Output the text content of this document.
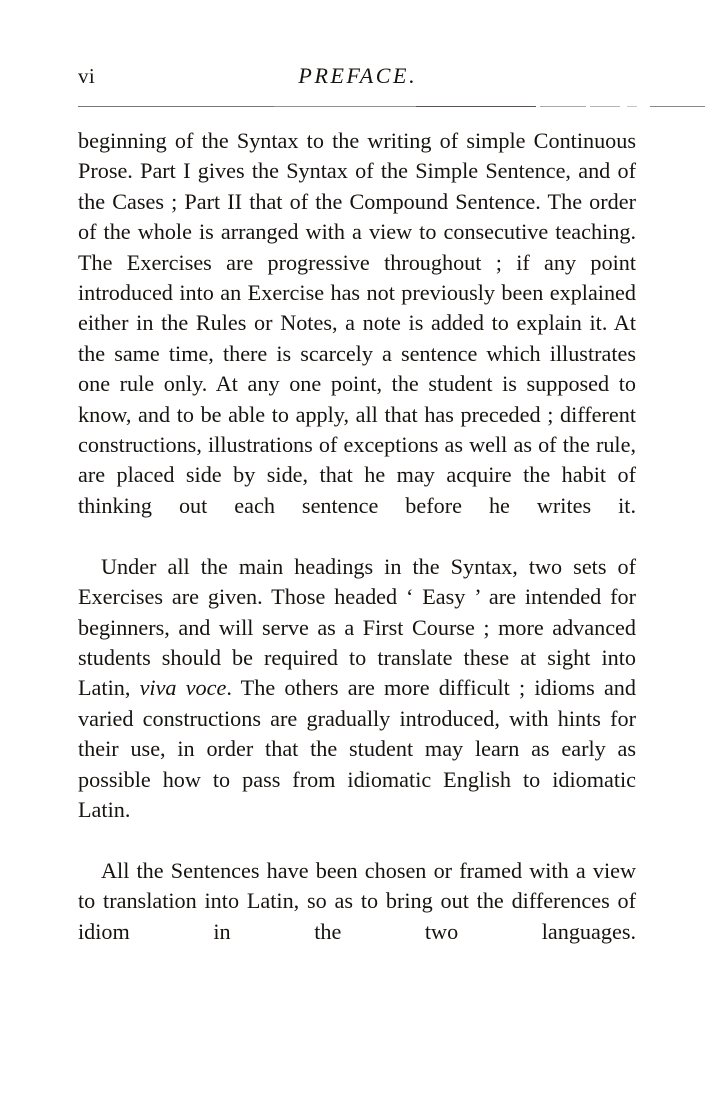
vi	PREFACE.

beginning of the Syntax to the writing of simple Continuous Prose. Part I gives the Syntax of the Simple Sentence, and of the Cases ; Part II that of the Compound Sentence. The order of the whole is arranged with a view to consecutive teaching. The Exercises are progressive throughout ; if any point introduced into an Exercise has not previously been explained either in the Rules or Notes, a note is added to explain it. At the same time, there is scarcely a sentence which illustrates one rule only. At any one point, the student is supposed to know, and to be able to apply, all that has preceded ; different constructions, illustrations of exceptions as well as of the rule, are placed side by side, that he may acquire the habit of thinking out each sentence before he writes it.

Under all the main headings in the Syntax, two sets of Exercises are given. Those headed ‘ Easy ’ are intended for beginners, and will serve as a First Course ; more advanced students should be required to translate these at sight into Latin, viva voce. The others are more difficult ; idioms and varied constructions are gradually introduced, with hints for their use, in order that the student may learn as early as possible how to pass from idiomatic English to idiomatic Latin.

All the Sentences have been chosen or framed with a view to translation into Latin, so as to bring out the differences of idiom in the two languages.
